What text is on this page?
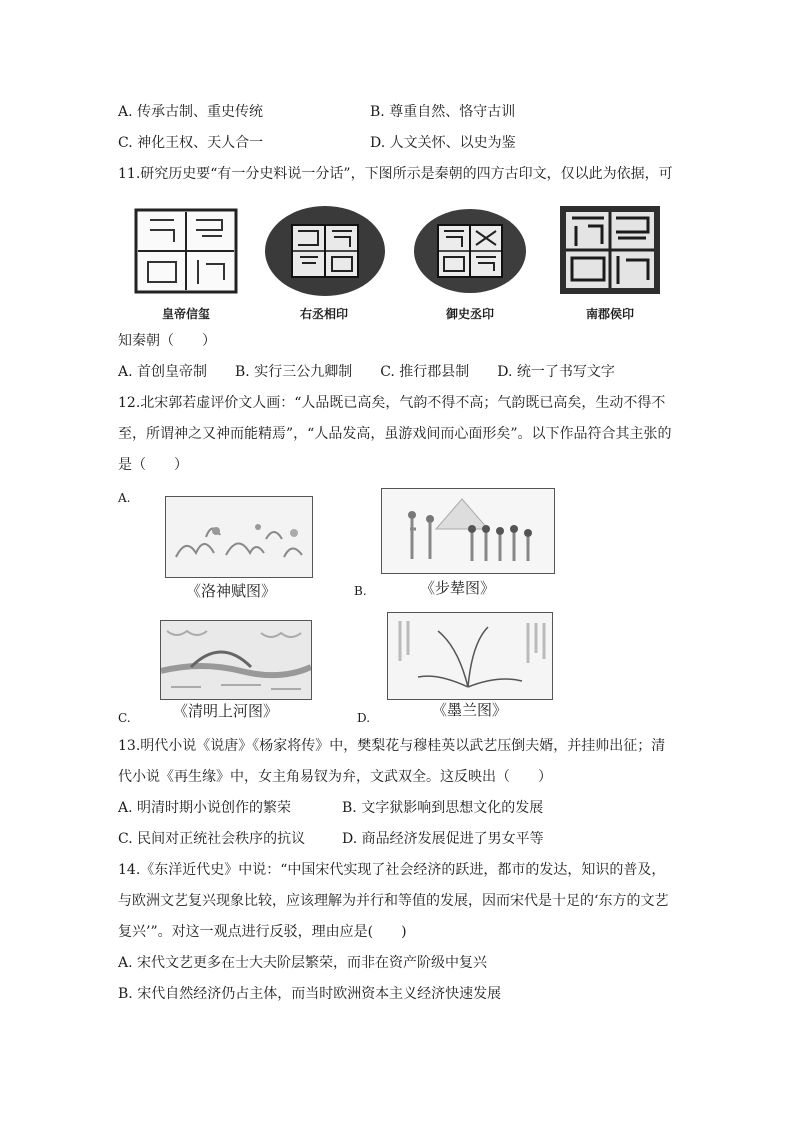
A. 传承古制、重史传统	B. 尊重自然、恪守古训
C. 神化王权、天人合一	D. 人文关怀、以史为鉴
11.研究历史要“有一分史料说一分话”，下图所示是秦朝的四方古印文，仅以此为依据，可
皇帝信玺	右丞相印	御史丞印	南郡侯印
知秦朝（　　）
A. 首创皇帝制　　B. 实行三公九卿制　　C. 推行郡县制　　D. 统一了书写文字
12.北宋郭若虚评价文人画：“人品既已高矣，气韵不得不高；气韵既已高矣，生动不得不
至，所谓神之又神而能精焉”，“人品发高，虽游戏间而心面形矣”。以下作品符合其主张的
是（　　）
A.
《洛神赋图》	《步辇图》
B.
《清明上河图》
C.	《墨兰图》
D.
13.明代小说《说唐》《杨家将传》中，樊梨花与穆桂英以武艺压倒夫婿，并挂帅出征；清
代小说《再生缘》中，女主角易钗为弁，文武双全。这反映出（　　）
A. 明清时期小说创作的繁荣	B. 文字狱影响到思想文化的发展
C. 民间对正统社会秩序的抗议	D. 商品经济发展促进了男女平等
14.《东洋近代史》中说：“中国宋代实现了社会经济的跃进，都市的发达，知识的普及，
与欧洲文艺复兴现象比较，应该理解为并行和等值的发展，因而宋代是十足的‘东方的文艺
复兴’”。对这一观点进行反驳，理由应是(　　)
A. 宋代文艺更多在士大夫阶层繁荣，而非在资产阶级中复兴
B. 宋代自然经济仍占主体，而当时欧洲资本主义经济快速发展
